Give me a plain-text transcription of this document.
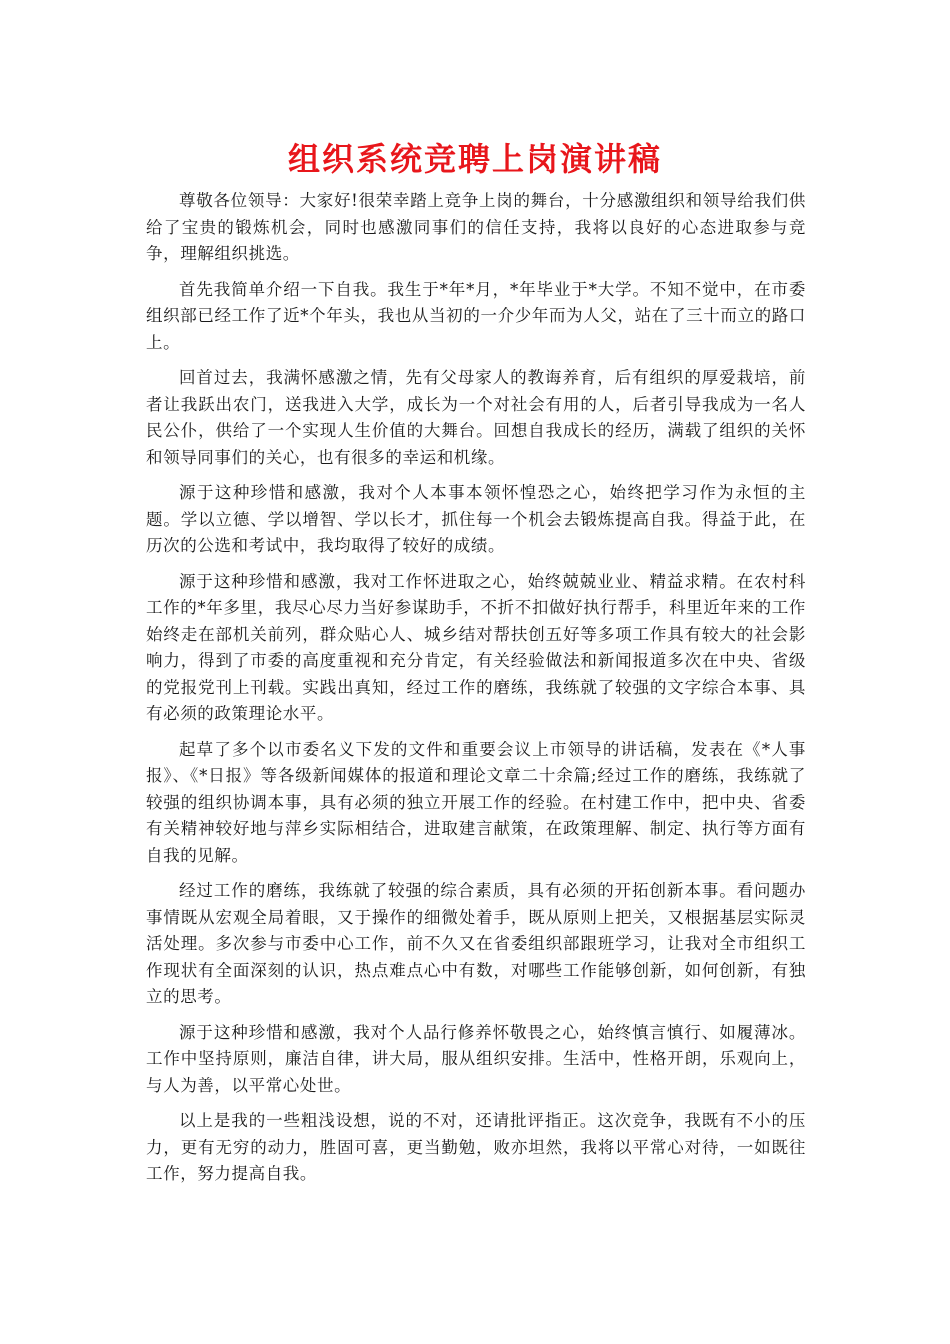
组织系统竞聘上岗演讲稿

尊敬各位领导：大家好!很荣幸踏上竞争上岗的舞台，十分感激组织和领导给我们供给了宝贵的锻炼机会，同时也感激同事们的信任支持，我将以良好的心态进取参与竞争，理解组织挑选。

首先我简单介绍一下自我。我生于*年*月，*年毕业于*大学。不知不觉中，在市委组织部已经工作了近*个年头，我也从当初的一介少年而为人父，站在了三十而立的路口上。

回首过去，我满怀感激之情，先有父母家人的教诲养育，后有组织的厚爱栽培，前者让我跃出农门，送我进入大学，成长为一个对社会有用的人，后者引导我成为一名人民公仆，供给了一个实现人生价值的大舞台。回想自我成长的经历，满载了组织的关怀和领导同事们的关心，也有很多的幸运和机缘。

源于这种珍惜和感激，我对个人本事本领怀惶恐之心，始终把学习作为永恒的主题。学以立德、学以增智、学以长才，抓住每一个机会去锻炼提高自我。得益于此，在历次的公选和考试中，我均取得了较好的成绩。

源于这种珍惜和感激，我对工作怀进取之心，始终兢兢业业、精益求精。在农村科工作的*年多里，我尽心尽力当好参谋助手，不折不扣做好执行帮手，科里近年来的工作始终走在部机关前列，群众贴心人、城乡结对帮扶创五好等多项工作具有较大的社会影响力，得到了市委的高度重视和充分肯定，有关经验做法和新闻报道多次在中央、省级的党报党刊上刊载。实践出真知，经过工作的磨练，我练就了较强的文字综合本事、具有必须的政策理论水平。

起草了多个以市委名义下发的文件和重要会议上市领导的讲话稿，发表在《*人事报》、《*日报》等各级新闻媒体的报道和理论文章二十余篇;经过工作的磨练，我练就了较强的组织协调本事，具有必须的独立开展工作的经验。在村建工作中，把中央、省委有关精神较好地与萍乡实际相结合，进取建言献策，在政策理解、制定、执行等方面有自我的见解。

经过工作的磨练，我练就了较强的综合素质，具有必须的开拓创新本事。看问题办事情既从宏观全局着眼，又于操作的细微处着手，既从原则上把关，又根据基层实际灵活处理。多次参与市委中心工作，前不久又在省委组织部跟班学习，让我对全市组织工作现状有全面深刻的认识，热点难点心中有数，对哪些工作能够创新，如何创新，有独立的思考。

源于这种珍惜和感激，我对个人品行修养怀敬畏之心，始终慎言慎行、如履薄冰。工作中坚持原则，廉洁自律，讲大局，服从组织安排。生活中，性格开朗，乐观向上，与人为善，以平常心处世。

以上是我的一些粗浅设想，说的不对，还请批评指正。这次竞争，我既有不小的压力，更有无穷的动力，胜固可喜，更当勤勉，败亦坦然，我将以平常心对待，一如既往工作，努力提高自我。
